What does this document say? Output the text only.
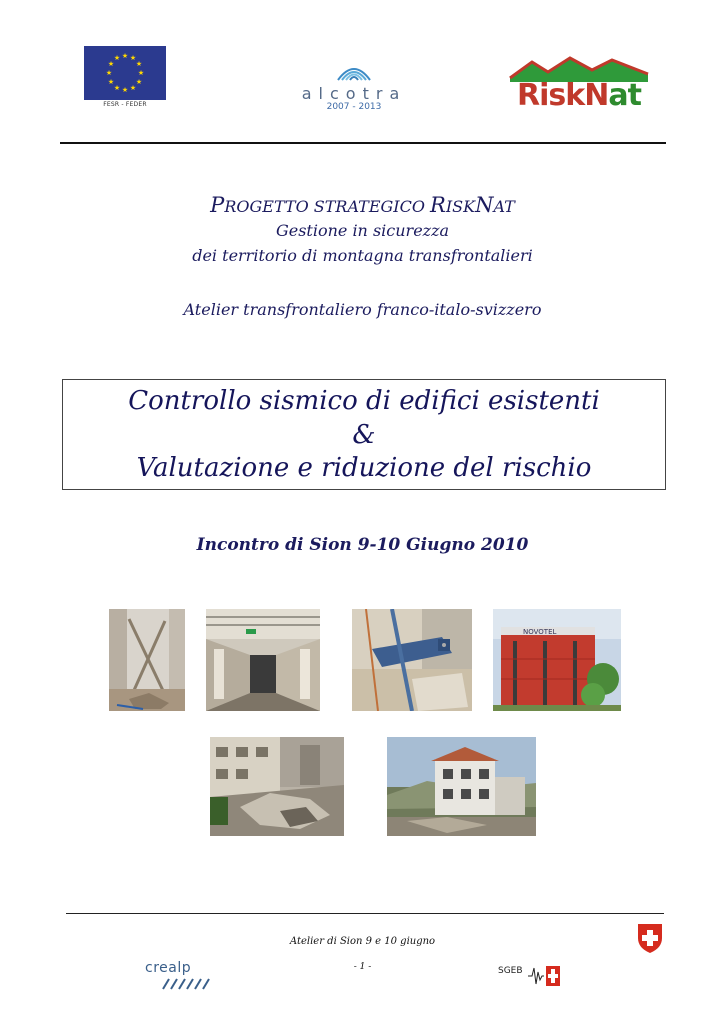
★ ★
★
★
★
★
★
★
★
★
★
★
FESR - FEDER
alcotra
2007 - 2013	RiskNat
PROGETTO STRATEGICO RISKNAT
Gestione in sicurezza
dei territorio di montagna transfrontalieri
Atelier transfrontaliero franco-italo-svizzero
Controllo sismico di edifici esistenti
&
Valutazione e riduzione del rischio
Incontro di Sion 9-10 Giugno 2010
NOVOTEL
Atelier di Sion 9 e 10 giugno
- 1 -
crealp	SGEB
